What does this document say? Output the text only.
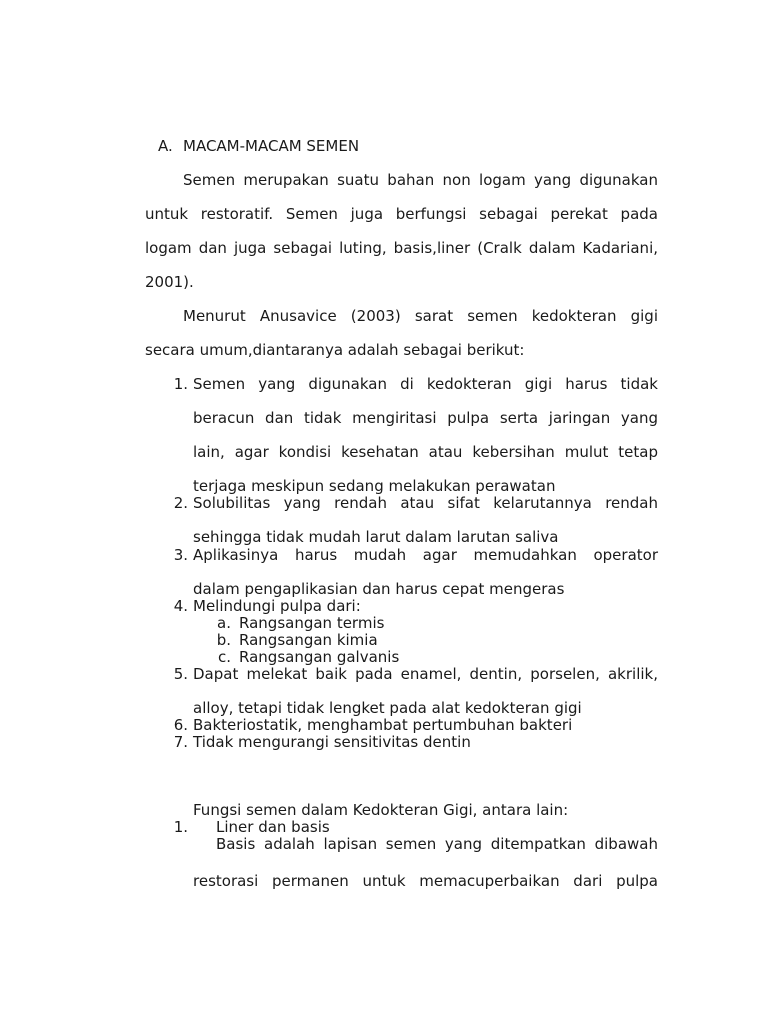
A. MACAM-MACAM SEMEN
Semen merupakan suatu bahan non logam yang digunakan
untuk restoratif. Semen juga berfungsi sebagai perekat pada
logam dan juga sebagai luting, basis,liner (Cralk dalam Kadariani,
2001).
Menurut Anusavice (2003) sarat semen kedokteran gigi
secara umum,diantaranya adalah sebagai berikut:
1. Semen yang digunakan di kedokteran gigi harus tidak
beracun dan tidak mengiritasi pulpa serta jaringan yang
lain, agar kondisi kesehatan atau kebersihan mulut tetap
terjaga meskipun sedang melakukan perawatan
2. Solubilitas yang rendah atau sifat kelarutannya rendah
sehingga tidak mudah larut dalam larutan saliva
3. Aplikasinya harus mudah agar memudahkan operator
dalam pengaplikasian dan harus cepat mengeras
4. Melindungi pulpa dari:
a. Rangsangan termis
b. Rangsangan kimia
c. Rangsangan galvanis
5. Dapat melekat baik pada enamel, dentin, porselen, akrilik,
alloy, tetapi tidak lengket pada alat kedokteran gigi
6. Bakteriostatik, menghambat pertumbuhan bakteri
7. Tidak mengurangi sensitivitas dentin
Fungsi semen dalam Kedokteran Gigi, antara lain:
1. Liner dan basis
Basis adalah lapisan semen yang ditempatkan dibawah
restorasi permanen untuk memacuperbaikan dari pulpa
